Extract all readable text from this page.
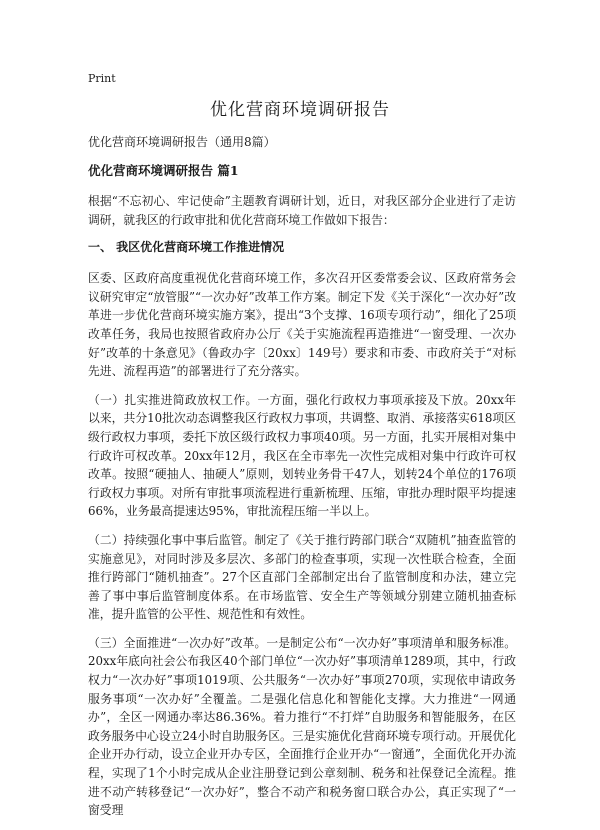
Print
优化营商环境调研报告

优化营商环境调研报告（通用8篇）

优化营商环境调研报告 篇1

根据“不忘初心、牢记使命”主题教育调研计划，近日，对我区部分企业进行了走访调研，就我区的行政审批和优化营商环境工作做如下报告：

一、 我区优化营商环境工作推进情况

区委、区政府高度重视优化营商环境工作，多次召开区委常委会议、区政府常务会议研究审定“放管服”“一次办好”改革工作方案。制定下发《关于深化“一次办好”改革进一步优化营商环境实施方案》，提出“3个支撑、16项专项行动”，细化了25项改革任务，我局也按照省政府办公厅《关于实施流程再造推进“一窗受理、一次办好”改革的十条意见》（鲁政办字〔20xx〕149号）要求和市委、市政府关于“对标先进、流程再造”的部署进行了充分落实。

（一）扎实推进简政放权工作。一方面，强化行政权力事项承接及下放。20xx年以来，共分10批次动态调整我区行政权力事项，共调整、取消、承接落实618项区级行政权力事项，委托下放区级行政权力事项40项。另一方面，扎实开展相对集中行政许可权改革。20xx年12月，我区在全市率先一次性完成相对集中行政许可权改革。按照“硬抽人、抽硬人”原则，划转业务骨干47人，划转24个单位的176项行政权力事项。对所有审批事项流程进行重新梳理、压缩，审批办理时限平均提速66%，业务最高提速达95%，审批流程压缩一半以上。

（二）持续强化事中事后监管。制定了《关于推行跨部门联合“双随机”抽查监管的实施意见》，对同时涉及多层次、多部门的检查事项，实现一次性联合检查，全面推行跨部门“随机抽查”。27个区直部门全部制定出台了监管制度和办法，建立完善了事中事后监管制度体系。在市场监管、安全生产等领域分别建立随机抽查标准，提升监管的公平性、规范性和有效性。

（三）全面推进“一次办好”改革。一是制定公布“一次办好”事项清单和服务标准。20xx年底向社会公布我区40个部门单位“一次办好”事项清单1289项，其中，行政权力“一次办好”事项1019项、公共服务“一次办好”事项270项，实现依申请政务服务事项“一次办好”全覆盖。二是强化信息化和智能化支撑。大力推进“一网通办”，全区一网通办率达86.36%。着力推行“不打烊”自助服务和智能服务，在区政务服务中心设立24小时自助服务区。三是实施优化营商环境专项行动。开展优化企业开办行动，设立企业开办专区，全面推行企业开办“一窗通”，全面优化开办流程，实现了1个小时完成从企业注册登记到公章刻制、税务和社保登记全流程。推进不动产转移登记“一次办好”，整合不动产和税务窗口联合办公，真正实现了“一窗受理
